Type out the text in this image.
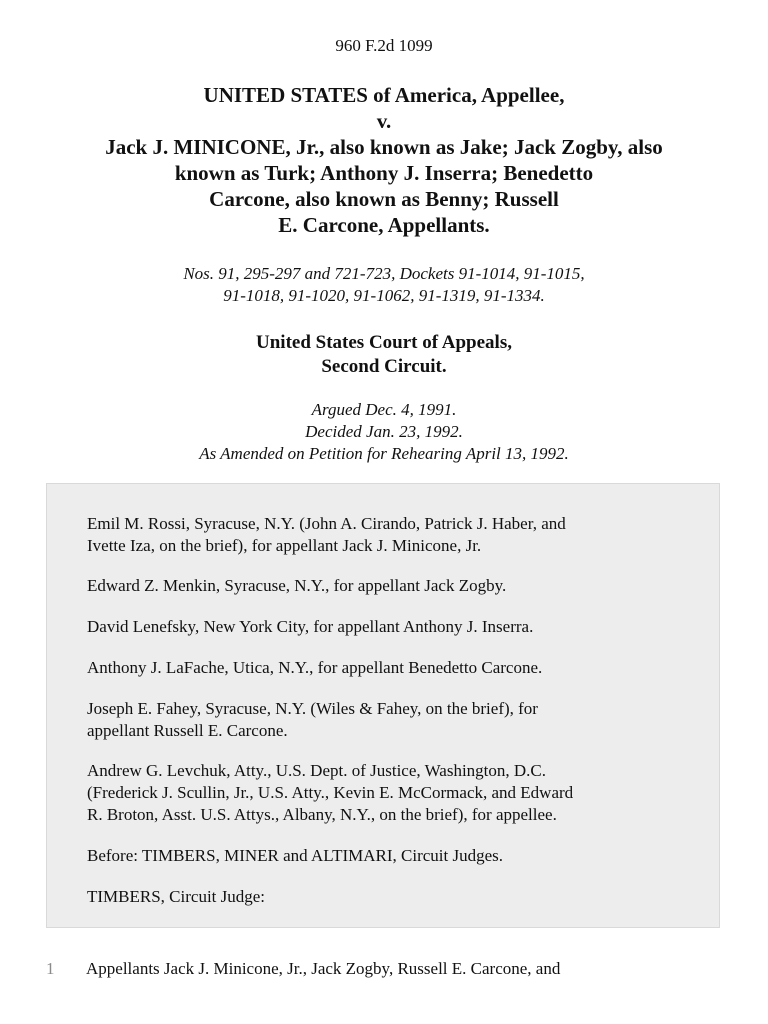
960 F.2d 1099
UNITED STATES of America, Appellee,
v.
Jack J. MINICONE, Jr., also known as Jake; Jack Zogby, also
known as Turk; Anthony J. Inserra; Benedetto
Carcone, also known as Benny; Russell
E. Carcone, Appellants.
Nos. 91, 295-297 and 721-723, Dockets 91-1014, 91-1015,
91-1018, 91-1020, 91-1062, 91-1319, 91-1334.
United States Court of Appeals,
Second Circuit.
Argued Dec. 4, 1991.
Decided Jan. 23, 1992.
As Amended on Petition for Rehearing April 13, 1992.

Emil M. Rossi, Syracuse, N.Y. (John A. Cirando, Patrick J. Haber, and
Ivette Iza, on the brief), for appellant Jack J. Minicone, Jr.

Edward Z. Menkin, Syracuse, N.Y., for appellant Jack Zogby.

David Lenefsky, New York City, for appellant Anthony J. Inserra.

Anthony J. LaFache, Utica, N.Y., for appellant Benedetto Carcone.

Joseph E. Fahey, Syracuse, N.Y. (Wiles & Fahey, on the brief), for
appellant Russell E. Carcone.

Andrew G. Levchuk, Atty., U.S. Dept. of Justice, Washington, D.C.
(Frederick J. Scullin, Jr., U.S. Atty., Kevin E. McCormack, and Edward
R. Broton, Asst. U.S. Attys., Albany, N.Y., on the brief), for appellee.

Before: TIMBERS, MINER and ALTIMARI, Circuit Judges.

TIMBERS, Circuit Judge:

1 Appellants Jack J. Minicone, Jr., Jack Zogby, Russell E. Carcone, and
